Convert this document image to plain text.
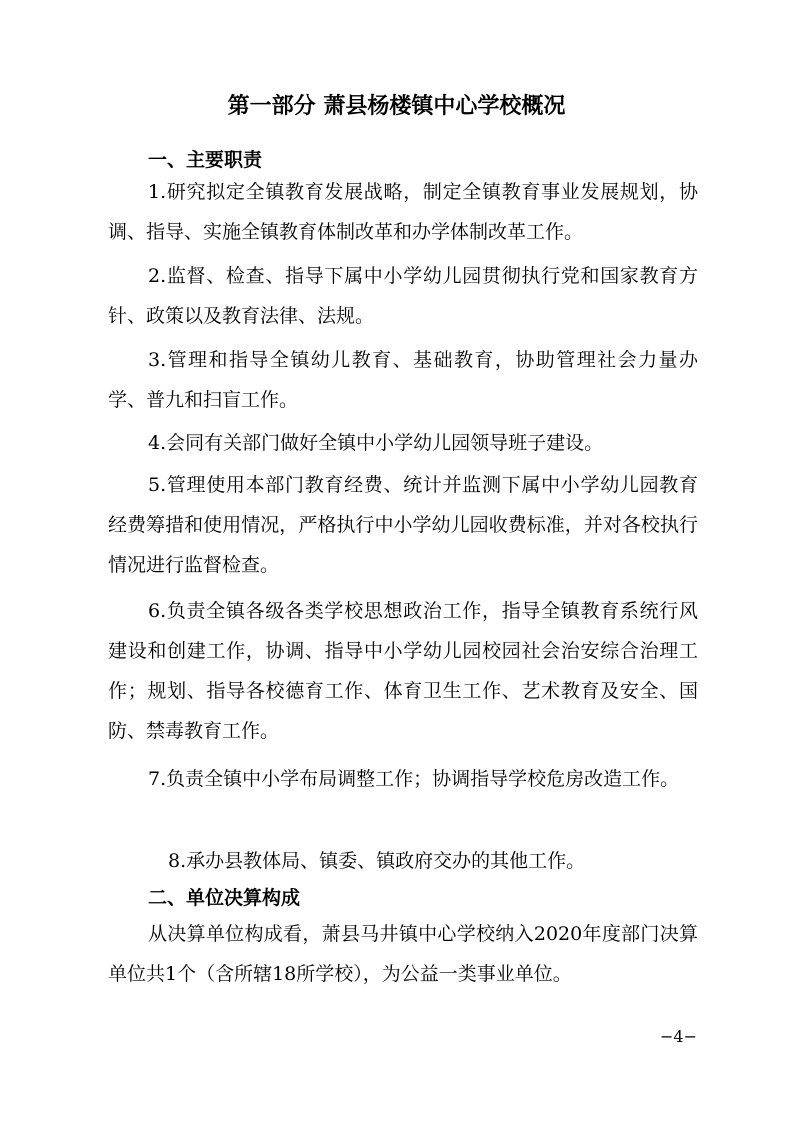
第一部分 萧县杨楼镇中心学校概况
一、主要职责

1.研究拟定全镇教育发展战略，制定全镇教育事业发展规划，协调、指导、实施全镇教育体制改革和办学体制改革工作。

2.监督、检查、指导下属中小学幼儿园贯彻执行党和国家教育方针、政策以及教育法律、法规。

3.管理和指导全镇幼儿教育、基础教育，协助管理社会力量办学、普九和扫盲工作。

4.会同有关部门做好全镇中小学幼儿园领导班子建设。

5.管理使用本部门教育经费、统计并监测下属中小学幼儿园教育经费筹措和使用情况，严格执行中小学幼儿园收费标准，并对各校执行情况进行监督检查。

6.负责全镇各级各类学校思想政治工作，指导全镇教育系统行风建设和创建工作，协调、指导中小学幼儿园校园社会治安综合治理工作；规划、指导各校德育工作、体育卫生工作、艺术教育及安全、国防、禁毒教育工作。

7.负责全镇中小学布局调整工作；协调指导学校危房改造工作。

8.承办县教体局、镇委、镇政府交办的其他工作。

二、单位决算构成

从决算单位构成看，萧县马井镇中心学校纳入2020年度部门决算单位共1个（含所辖18所学校），为公益一类事业单位。

−4−
